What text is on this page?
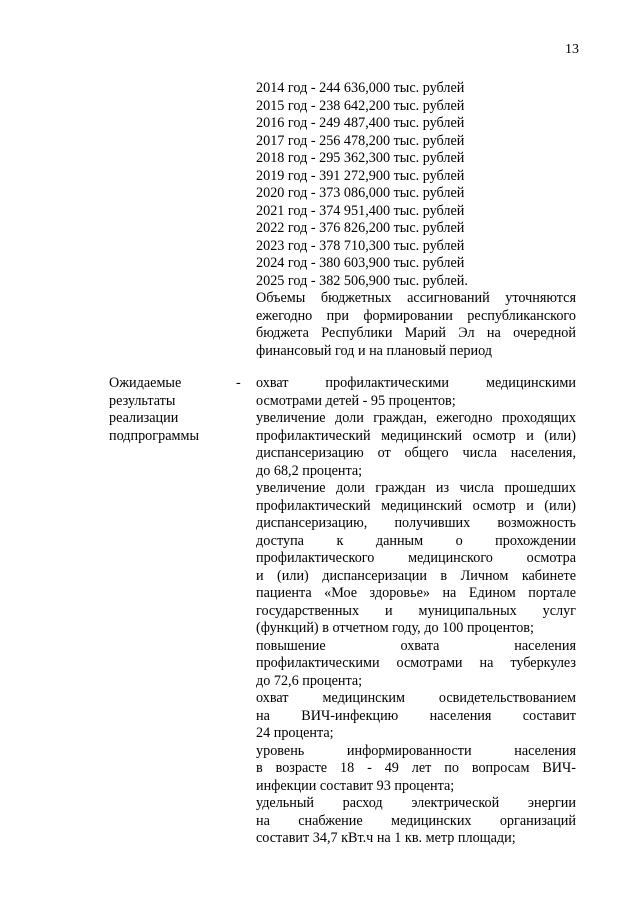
13
2014 год - 244 636,000 тыс. рублей
2015 год - 238 642,200 тыс. рублей
2016 год - 249 487,400 тыс. рублей
2017 год - 256 478,200 тыс. рублей
2018 год - 295 362,300 тыс. рублей
2019 год - 391 272,900 тыс. рублей
2020 год - 373 086,000 тыс. рублей
2021 год - 374 951,400 тыс. рублей
2022 год - 376 826,200 тыс. рублей
2023 год - 378 710,300 тыс. рублей
2024 год - 380 603,900 тыс. рублей
2025 год - 382 506,900 тыс. рублей.
Объемы бюджетных ассигнований уточняются
ежегодно при формировании республиканского
бюджета Республики Марий Эл на очередной
финансовый год и на плановый период
Ожидаемые
результаты
реализации
подпрограммы
- охват профилактическими медицинскими
осмотрами детей - 95 процентов;
увеличение доли граждан, ежегодно проходящих
профилактический медицинский осмотр и (или)
диспансеризацию от общего числа населения,
до 68,2 процента;
увеличение доли граждан из числа прошедших
профилактический медицинский осмотр и (или)
диспансеризацию, получивших возможность
доступа к данным о прохождении
профилактического медицинского осмотра
и (или) диспансеризации в Личном кабинете
пациента «Мое здоровье» на Едином портале
государственных и муниципальных услуг
(функций) в отчетном году, до 100 процентов;
повышение охвата населения
профилактическими осмотрами на туберкулез
до 72,6 процента;
охват медицинским освидетельствованием
на ВИЧ-инфекцию населения составит
24 процента;
уровень информированности населения
в возрасте 18 - 49 лет по вопросам ВИЧ-
инфекции составит 93 процента;
удельный расход электрической энергии
на снабжение медицинских организаций
составит 34,7 кВт.ч на 1 кв. метр площади;
